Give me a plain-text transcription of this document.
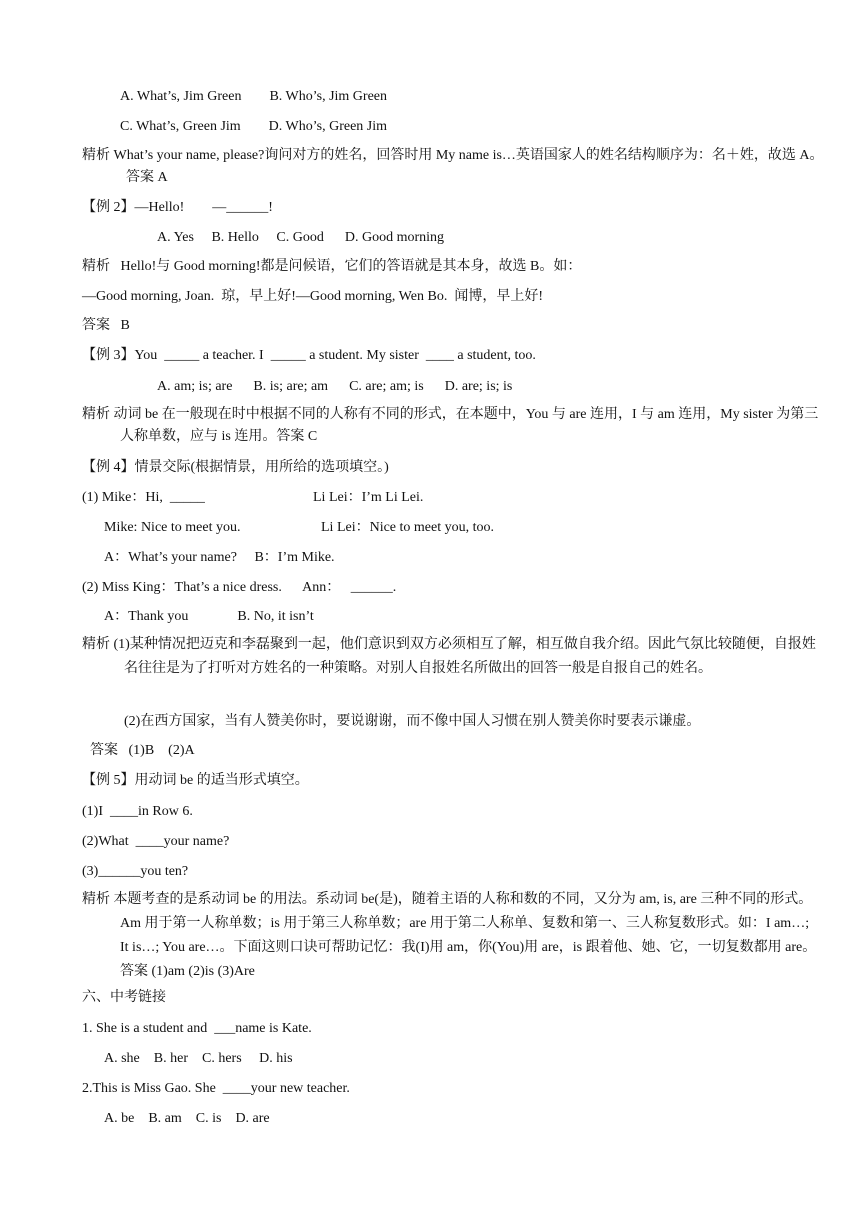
A. What’s, Jim Green        B. Who’s, Jim Green
C. What’s, Green Jim        D. Who’s, Green Jim
精析 What’s your name, please?询问对方的姓名，回答时用 My name is…英语国家人的姓名结构顺序为：名＋姓，故选 A。 答案 A
【例 2】—Hello!        —______!
A. Yes     B. Hello     C. Good      D. Good morning
精析   Hello!与 Good morning!都是问候语，它们的答语就是其本身，故选 B。如：
—Good morning, Joan.  琼，早上好!—Good morning, Wen Bo.  闻博，早上好!
答案   B
【例 3】You  _____ a teacher. I  _____ a student. My sister  ____ a student, too.
A. am; is; are      B. is; are; am      C. are; am; is      D. are; is; is
精析 动词 be 在一般现在时中根据不同的人称有不同的形式，在本题中，You 与 are 连用，I 与 am 连用，My sister 为第三人称单数，应与 is 连用。答案 C
【例 4】情景交际(根据情景，用所给的选项填空。)
(1) Mike：Hi,  _____	Li Lei：I’m Li Lei.
Mike: Nice to meet you.	Li Lei：Nice to meet you, too.
A：What’s your name?     B：I’m Mike.
(2) Miss King：That’s a nice dress.      Ann：   ______.
A：Thank you              B. No, it isn’t
精析 (1)某种情况把迈克和李磊聚到一起，他们意识到双方必须相互了解，相互做自我介绍。因此气氛比较随便，自报姓名往往是为了打听对方姓名的一种策略。对别人自报姓名所做出的回答一般是自报自己的姓名。
(2)在西方国家，当有人赞美你时，要说谢谢，而不像中国人习惯在别人赞美你时要表示谦虚。
答案   (1)B    (2)A
【例 5】用动词 be 的适当形式填空。
(1)I  ____in Row 6.
(2)What  ____your name?
(3)______you ten?
精析 本题考查的是系动词 be 的用法。系动词 be(是)，随着主语的人称和数的不同，又分为 am, is, are 三种不同的形式。Am 用于第一人称单数；is 用于第三人称单数；are 用于第二人称单、复数和第一、三人称复数形式。如：I am…; It is…; You are…。下面这则口诀可帮助记忆：我(I)用 am，你(You)用 are，is 跟着他、她、它，一切复数都用 are。答案 (1)am (2)is (3)Are
六、中考链接
1. She is a student and  ___name is Kate.
A. she    B. her    C. hers     D. his
2.This is Miss Gao. She  ____your new teacher.
A. be    B. am    C. is    D. are
